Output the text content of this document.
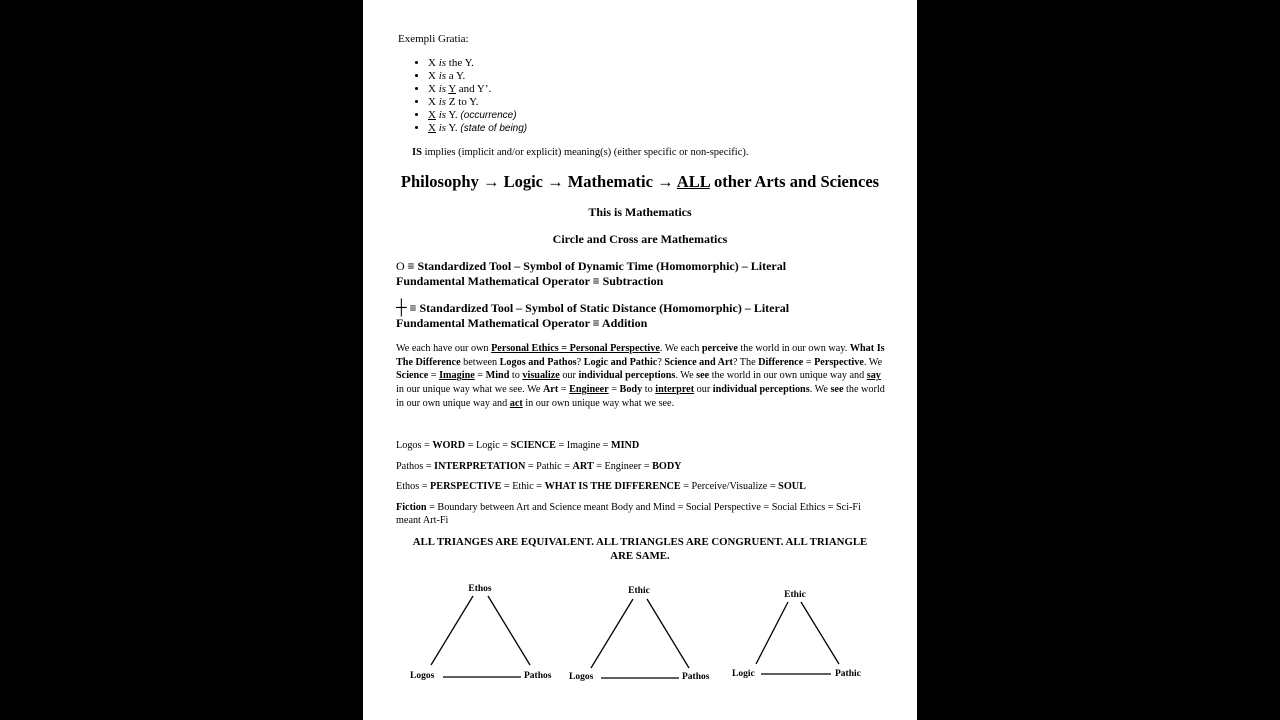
Exempli Gratia:
• X is the Y.
• X is a Y.
• X is Y and Y’.
• X is Z to Y.
• X is Y. (occurrence)
• X is Y. (state of being)
IS implies (implicit and/or explicit) meaning(s) (either specific or non-specific).
Philosophy → Logic → Mathematic → ALL other Arts and Sciences
This is Mathematics
Circle and Cross are Mathematics
O ≡ Standardized Tool – Symbol of Dynamic Time (Homomorphic) – Literal
Fundamental Mathematical Operator ≡ Subtraction
┼ ≡ Standardized Tool – Symbol of Static Distance (Homomorphic) – Literal
Fundamental Mathematical Operator ≡ Addition
We each have our own Personal Ethics = Personal Perspective. We each perceive the world in our own way. What Is The Difference between Logos and Pathos? Logic and Pathic? Science and Art? The Difference = Perspective. We Science = Imagine = Mind to visualize our individual perceptions. We see the world in our own unique way and say in our unique way what we see. We Art = Engineer = Body to interpret our individual perceptions. We see the world in our own unique way and act in our own unique way what we see.
Logos = WORD = Logic = SCIENCE = Imagine = MIND
Pathos = INTERPRETATION = Pathic = ART = Engineer = BODY
Ethos = PERSPECTIVE = Ethic = WHAT IS THE DIFFERENCE = Perceive/Visualize = SOUL
Fiction = Boundary between Art and Science meant Body and Mind = Social Perspective = Social Ethics = Sci-Fi meant Art-Fi
ALL TRIANGES ARE EQUIVALENT. ALL TRIANGLES ARE CONGRUENT. ALL TRIANGLE ARE SAME.
Ethos
Logos	Pathos
Ethic
Logos	Pathos
Ethic
Logic	Pathic
